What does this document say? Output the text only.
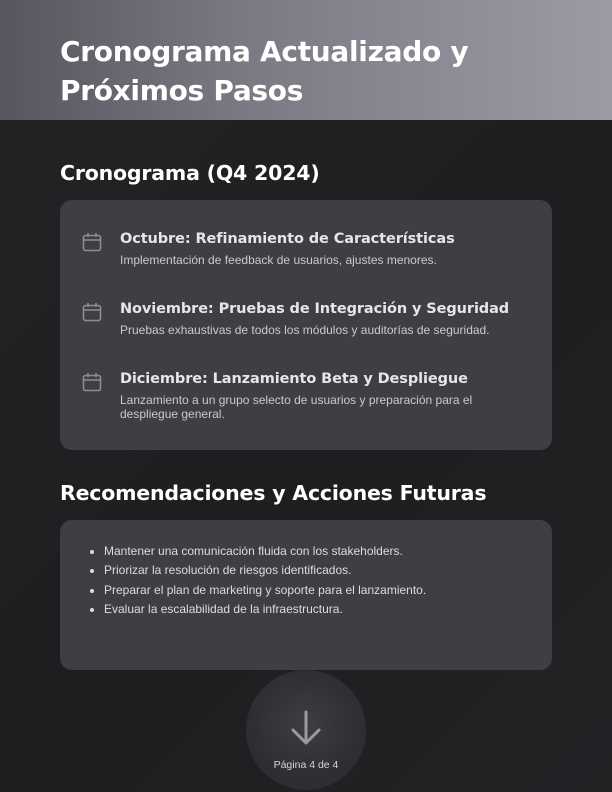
Cronograma Actualizado y Próximos Pasos
Cronograma (Q4 2024)
Octubre: Refinamiento de Características
Implementación de feedback de usuarios, ajustes menores.
Noviembre: Pruebas de Integración y Seguridad
Pruebas exhaustivas de todos los módulos y auditorías de seguridad.
Diciembre: Lanzamiento Beta y Despliegue
Lanzamiento a un grupo selecto de usuarios y preparación para el despliegue general.
Recomendaciones y Acciones Futuras
Mantener una comunicación fluida con los stakeholders.
Priorizar la resolución de riesgos identificados.
Preparar el plan de marketing y soporte para el lanzamiento.
Evaluar la escalabilidad de la infraestructura.
Página 4 de 4
